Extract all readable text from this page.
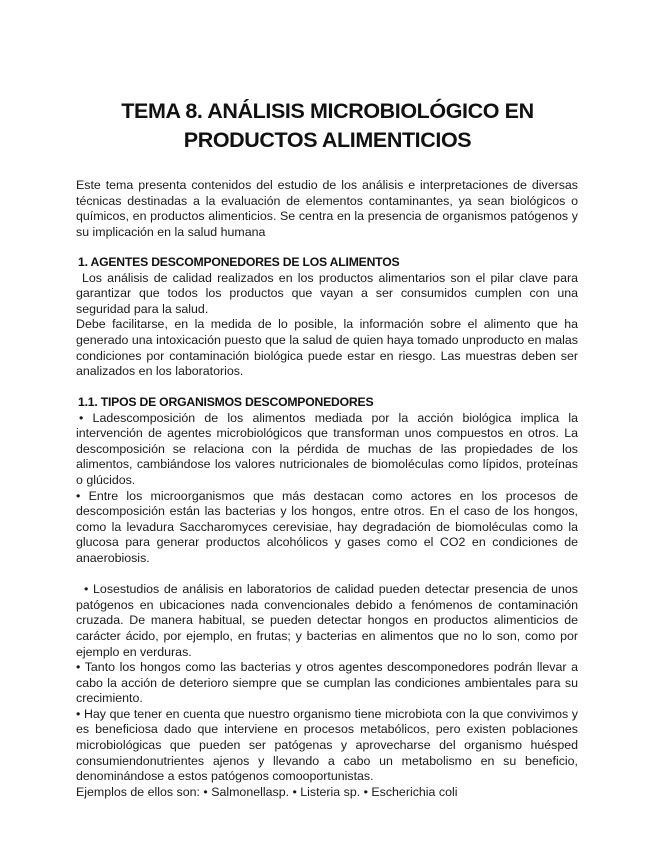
TEMA 8. ANÁLISIS MICROBIOLÓGICO EN
PRODUCTOS ALIMENTICIOS

Este tema presenta contenidos del estudio de los análisis e interpretaciones de diversas técnicas destinadas a la evaluación de elementos contaminantes, ya sean biológicos o químicos, en productos alimenticios. Se centra en la presencia de organismos patógenos y su implicación en la salud humana

1. AGENTES DESCOMPONEDORES DE LOS ALIMENTOS

Los análisis de calidad realizados en los productos alimentarios son el pilar clave para garantizar que todos los productos que vayan a ser consumidos cumplen con una seguridad para la salud.

Debe facilitarse, en la medida de lo posible, la información sobre el alimento que ha generado una intoxicación puesto que la salud de quien haya tomado unproducto en malas condiciones por contaminación biológica puede estar en riesgo. Las muestras deben ser analizados en los laboratorios.

1.1. TIPOS DE ORGANISMOS DESCOMPONEDORES

• Ladescomposición de los alimentos mediada por la acción biológica implica la intervención de agentes microbiológicos que transforman unos compuestos en otros. La descomposición se relaciona con la pérdida de muchas de las propiedades de los alimentos, cambiándose los valores nutricionales de biomoléculas como lípidos, proteínas o glúcidos.

• Entre los microorganismos que más destacan como actores en los procesos de descomposición están las bacterias y los hongos, entre otros. En el caso de los hongos, como la levadura Saccharomyces cerevisiae, hay degradación de biomoléculas como la glucosa para generar productos alcohólicos y gases como el CO2 en condiciones de anaerobiosis.

• Losestudios de análisis en laboratorios de calidad pueden detectar presencia de unos patógenos en ubicaciones nada convencionales debido a fenómenos de contaminación cruzada. De manera habitual, se pueden detectar hongos en productos alimenticios de carácter ácido, por ejemplo, en frutas; y bacterias en alimentos que no lo son, como por ejemplo en verduras.

• Tanto los hongos como las bacterias y otros agentes descomponedores podrán llevar a cabo la acción de deterioro siempre que se cumplan las condiciones ambientales para su crecimiento.

• Hay que tener en cuenta que nuestro organismo tiene microbiota con la que convivimos y es beneficiosa dado que interviene en procesos metabólicos, pero existen poblaciones microbiológicas que pueden ser patógenas y aprovecharse del organismo huésped consumiendonutrientes ajenos y llevando a cabo un metabolismo en su beneficio, denominándose a estos patógenos comooportunistas.

Ejemplos de ellos son: • Salmonellasp. • Listeria sp. • Escherichia coli
